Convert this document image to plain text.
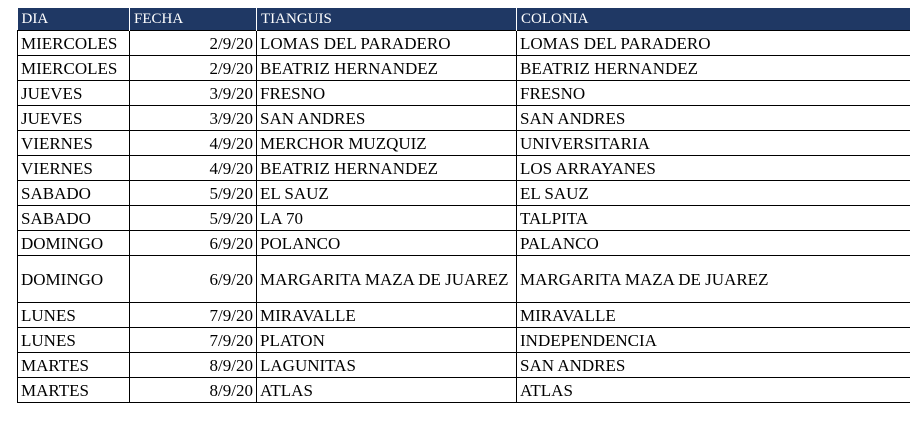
DIA	FECHA	TIANGUIS	COLONIA
MIERCOLES	2/9/20	LOMAS DEL PARADERO	LOMAS DEL PARADERO
MIERCOLES	2/9/20	BEATRIZ HERNANDEZ	BEATRIZ HERNANDEZ
JUEVES	3/9/20	FRESNO	FRESNO
JUEVES	3/9/20	SAN ANDRES	SAN ANDRES
VIERNES	4/9/20	MERCHOR MUZQUIZ	UNIVERSITARIA
VIERNES	4/9/20	BEATRIZ HERNANDEZ	LOS ARRAYANES
SABADO	5/9/20	EL SAUZ	EL SAUZ
SABADO	5/9/20	LA 70	TALPITA
DOMINGO	6/9/20	POLANCO	PALANCO
DOMINGO	6/9/20	MARGARITA MAZA DE JUAREZ	MARGARITA MAZA DE JUAREZ
LUNES	7/9/20	MIRAVALLE	MIRAVALLE
LUNES	7/9/20	PLATON	INDEPENDENCIA
MARTES	8/9/20	LAGUNITAS	SAN ANDRES
MARTES	8/9/20	ATLAS	ATLAS
